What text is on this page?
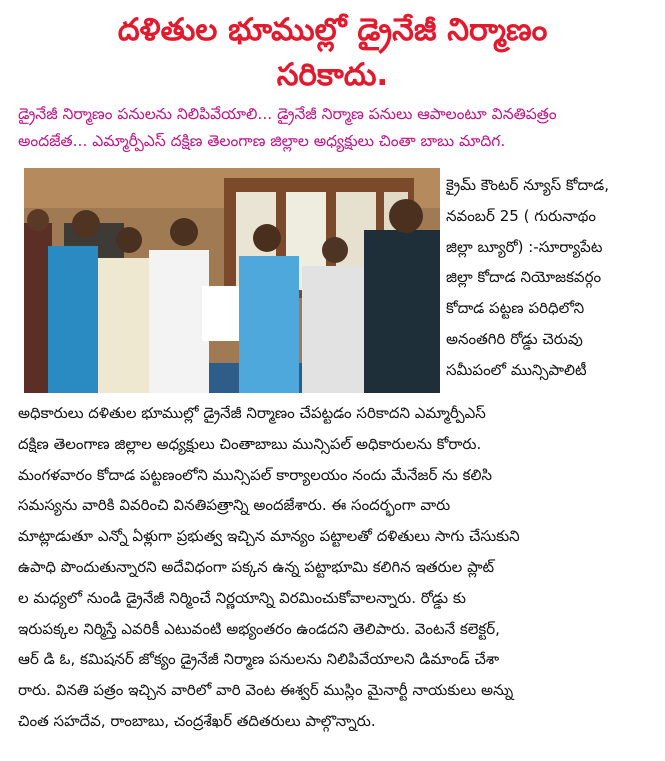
దళితుల భూముల్లో డ్రైనేజీ నిర్మాణం
సరికాదు.
డ్రైనేజీ నిర్మాణం పనులను నిలిపివేయాలి... డ్రైనేజీ నిర్మాణ పనులు ఆపాలంటూ వినతిపత్రం
అందజేత... ఎమ్మార్పీఎస్ దక్షిణ తెలంగాణ జిల్లాల అధ్యక్షులు చింతా బాబు మాదిగ.
క్రైమ్ కౌంటర్ న్యూస్ కోదాడ,
నవంబర్ 25 ( గురునాథం
జిల్లా బ్యూరో) :-సూర్యాపేట
జిల్లా కోదాడ నియోజకవర్గం
కోదాడ పట్టణ పరిధిలోని
అనంతగిరి రోడ్డు చెరువు
సమీపంలో మున్సిపాలిటీ
అధికారులు దళితుల భూముల్లో డ్రైనేజీ నిర్మాణం చేపట్టడం సరికాదని ఎమ్మార్పీఎస్
దక్షిణ తెలంగాణ జిల్లాల అధ్యక్షులు చింతాబాబు మున్సిపల్ అధికారులను కోరారు.
మంగళవారం కోదాడ పట్టణంలోని మున్సిపల్ కార్యాలయం నందు మేనేజర్ ను కలిసి
సమస్యను వారికి వివరించి వినతిపత్రాన్ని అందజేశారు. ఈ సందర్భంగా వారు
మాట్లాడుతూ ఎన్నో ఏళ్లుగా ప్రభుత్వ ఇచ్చిన మాన్యం పట్టాలతో దళితులు సాగు చేసుకుని
ఉపాధి పొందుతున్నారని అదేవిధంగా పక్కన ఉన్న పట్టాభూమి కలిగిన ఇతరుల ప్లాట్
ల మధ్యలో నుండి డ్రైనేజీ నిర్మించే నిర్ణయాన్ని విరమించుకోవాలన్నారు. రోడ్డు కు
ఇరుపక్కల నిర్మిస్తే ఎవరికీ ఎటువంటి అభ్యంతరం ఉండదని తెలిపారు. వెంటనే కలెక్టర్,
ఆర్ డి ఓ, కమిషనర్ జోక్యం డ్రైనేజీ నిర్మాణ పనులను నిలిపివేయాలని డిమాండ్ చేశా
రారు. వినతి పత్రం ఇచ్చిన వారిలో వారి వెంట ఈశ్వర్ ముస్లిం మైనార్టీ నాయకులు అన్ను
చింత సహదేవ, రాంబాబు, చంద్రశేఖర్ తదితరులు పాల్గొన్నారు.
